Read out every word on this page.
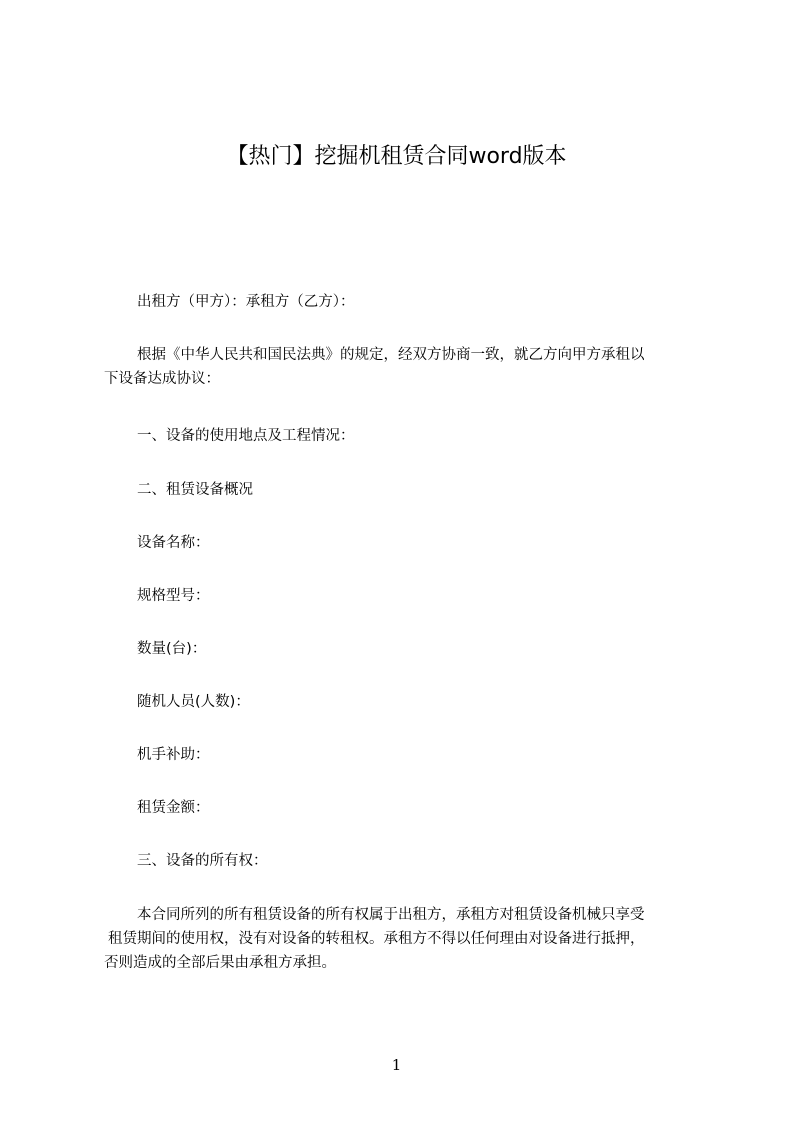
【热门】挖掘机租赁合同word版本
出租方（甲方）：承租方（乙方）：
根据《中华人民共和国民法典》的规定，经双方协商一致，就乙方向甲方承租以
下设备达成协议：
一、设备的使用地点及工程情况：
二、租赁设备概况
设备名称：
规格型号：
数量(台)：
随机人员(人数)：
机手补助：
租赁金额：
三、设备的所有权：
本合同所列的所有租赁设备的所有权属于出租方，承租方对租赁设备机械只享受
租赁期间的使用权，没有对设备的转租权。承租方不得以任何理由对设备进行抵押，
否则造成的全部后果由承租方承担。
1
